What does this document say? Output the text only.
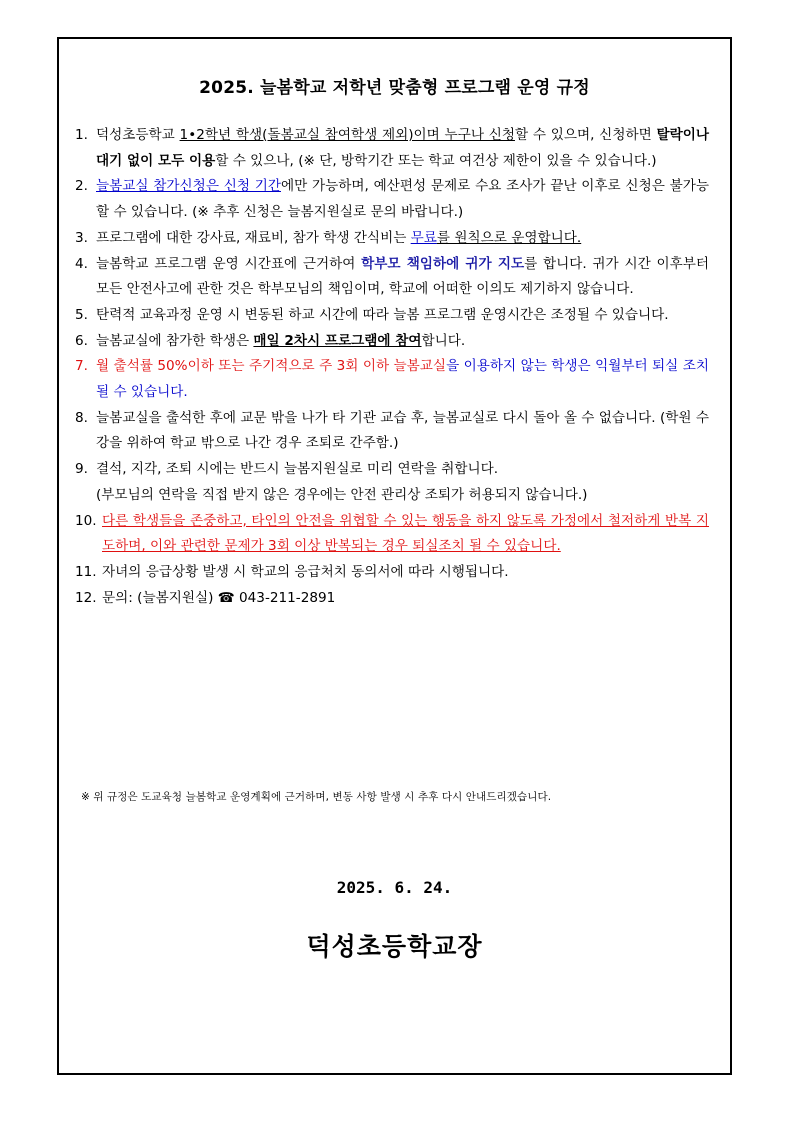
2025. 늘봄학교 저학년 맞춤형 프로그램 운영 규정
1. 덕성초등학교 1•2학년 학생(돌봄교실 참여학생 제외)이며 누구나 신청할 수 있으며, 신청하면 탈락이나 대기 없이 모두 이용할 수 있으나, (※ 단, 방학기간 또는 학교 여건상 제한이 있을 수 있습니다.)
2. 늘봄교실 참가신청은 신청 기간에만 가능하며, 예산편성 문제로 수요 조사가 끝난 이후로 신청은 불가능할 수 있습니다. (※ 추후 신청은 늘봄지원실로 문의 바랍니다.)
3. 프로그램에 대한 강사료, 재료비, 참가 학생 간식비는 무료를 원칙으로 운영합니다.
4. 늘봄학교 프로그램 운영 시간표에 근거하여 학부모 책임하에 귀가 지도를 합니다. 귀가 시간 이후부터 모든 안전사고에 관한 것은 학부모님의 책임이며, 학교에 어떠한 이의도 제기하지 않습니다.
5. 탄력적 교육과정 운영 시 변동된 하교 시간에 따라 늘봄 프로그램 운영시간은 조정될 수 있습니다.
6. 늘봄교실에 참가한 학생은 매일 2차시 프로그램에 참여합니다.
7. 월 출석률 50%이하 또는 주기적으로 주 3회 이하 늘봄교실을 이용하지 않는 학생은 익월부터 퇴실 조치될 수 있습니다.
8. 늘봄교실을 출석한 후에 교문 밖을 나가 타 기관 교습 후, 늘봄교실로 다시 돌아 올 수 없습니다. (학원 수강을 위하여 학교 밖으로 나간 경우 조퇴로 간주함.)
9. 결석, 지각, 조퇴 시에는 반드시 늘봄지원실로 미리 연락을 취합니다.
(부모님의 연락을 직접 받지 않은 경우에는 안전 관리상 조퇴가 허용되지 않습니다.)
10. 다른 학생들을 존중하고, 타인의 안전을 위협할 수 있는 행동을 하지 않도록 가정에서 철저하게 반복 지도하며, 이와 관련한 문제가 3회 이상 반복되는 경우 퇴실조치 될 수 있습니다.
11. 자녀의 응급상황 발생 시 학교의 응급처치 동의서에 따라 시행됩니다.
12. 문의: (늘봄지원실) ☎ 043-211-2891
※ 위 규정은 도교육청 늘봄학교 운영계획에 근거하며, 변동 사항 발생 시 추후 다시 안내드리겠습니다.
2025. 6. 24.
덕성초등학교장
